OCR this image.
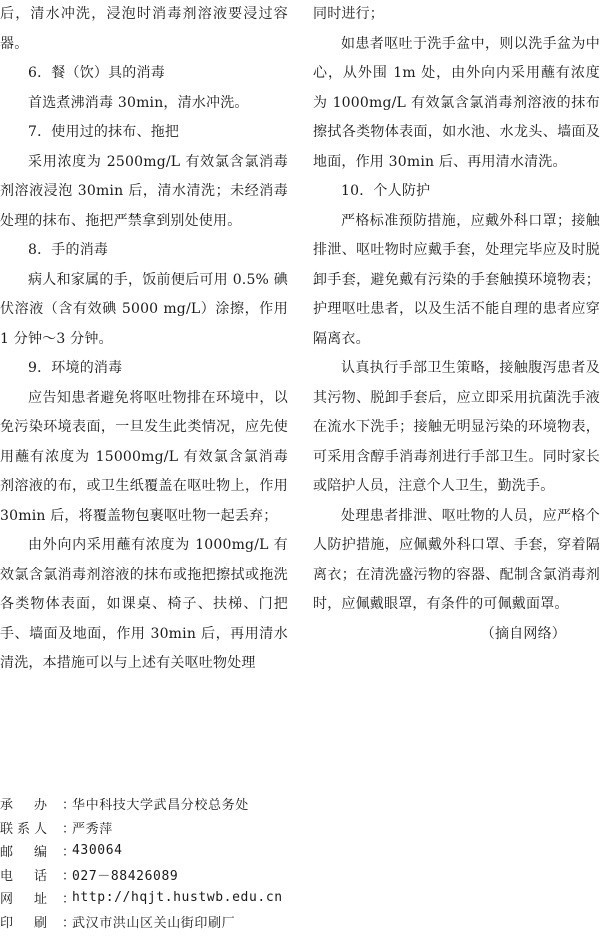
后，清水冲洗，浸泡时消毒剂溶液要浸过容器。

6．餐（饮）具的消毒

首选煮沸消毒 30min，清水冲洗。

7．使用过的抹布、拖把

采用浓度为 2500mg/L 有效氯含氯消毒剂溶液浸泡 30min 后，清水清洗；未经消毒处理的抹布、拖把严禁拿到别处使用。

8．手的消毒

病人和家属的手，饭前便后可用 0.5% 碘伏溶液（含有效碘 5000 mg/L）涂擦，作用 1 分钟～3 分钟。

9．环境的消毒

应告知患者避免将呕吐物排在环境中，以免污染环境表面，一旦发生此类情况，应先使用蘸有浓度为 15000mg/L 有效氯含氯消毒剂溶液的布，或卫生纸覆盖在呕吐物上，作用 30min 后，将覆盖物包裹呕吐物一起丢弃；

由外向内采用蘸有浓度为 1000mg/L 有效氯含氯消毒剂溶液的抹布或拖把擦拭或拖洗各类物体表面，如课桌、椅子、扶梯、门把手、墙面及地面，作用 30min 后，再用清水清洗，本措施可以与上述有关呕吐物处理

同时进行；

如患者呕吐于洗手盆中，则以洗手盆为中心，从外围 1m 处，由外向内采用蘸有浓度为 1000mg/L 有效氯含氯消毒剂溶液的抹布擦拭各类物体表面，如水池、水龙头、墙面及地面，作用 30min 后、再用清水清洗。

10．个人防护

严格标准预防措施，应戴外科口罩；接触排泄、呕吐物时应戴手套，处理完毕应及时脱卸手套，避免戴有污染的手套触摸环境物表；护理呕吐患者，以及生活不能自理的患者应穿隔离衣。

认真执行手部卫生策略，接触腹泻患者及其污物、脱卸手套后，应立即采用抗菌洗手液在流水下洗手；接触无明显污染的环境物表，可采用含醇手消毒剂进行手部卫生。同时家长或陪护人员，注意个人卫生，勤洗手。

处理患者排泄、呕吐物的人员，应严格个人防护措施，应佩戴外科口罩、手套，穿着隔离衣；在清洗盛污物的容器、配制含氯消毒剂时，应佩戴眼罩，有条件的可佩戴面罩。

（摘自网络）

承　办 ：
华中科技大学武昌分校总务处
联系人 ：
严秀萍
邮　编 ：
430064
电　话 ：
027－88426089
网　址 ：
http://hqjt.hustwb.edu.cn
印　刷 ：
武汉市洪山区关山街印刷厂
